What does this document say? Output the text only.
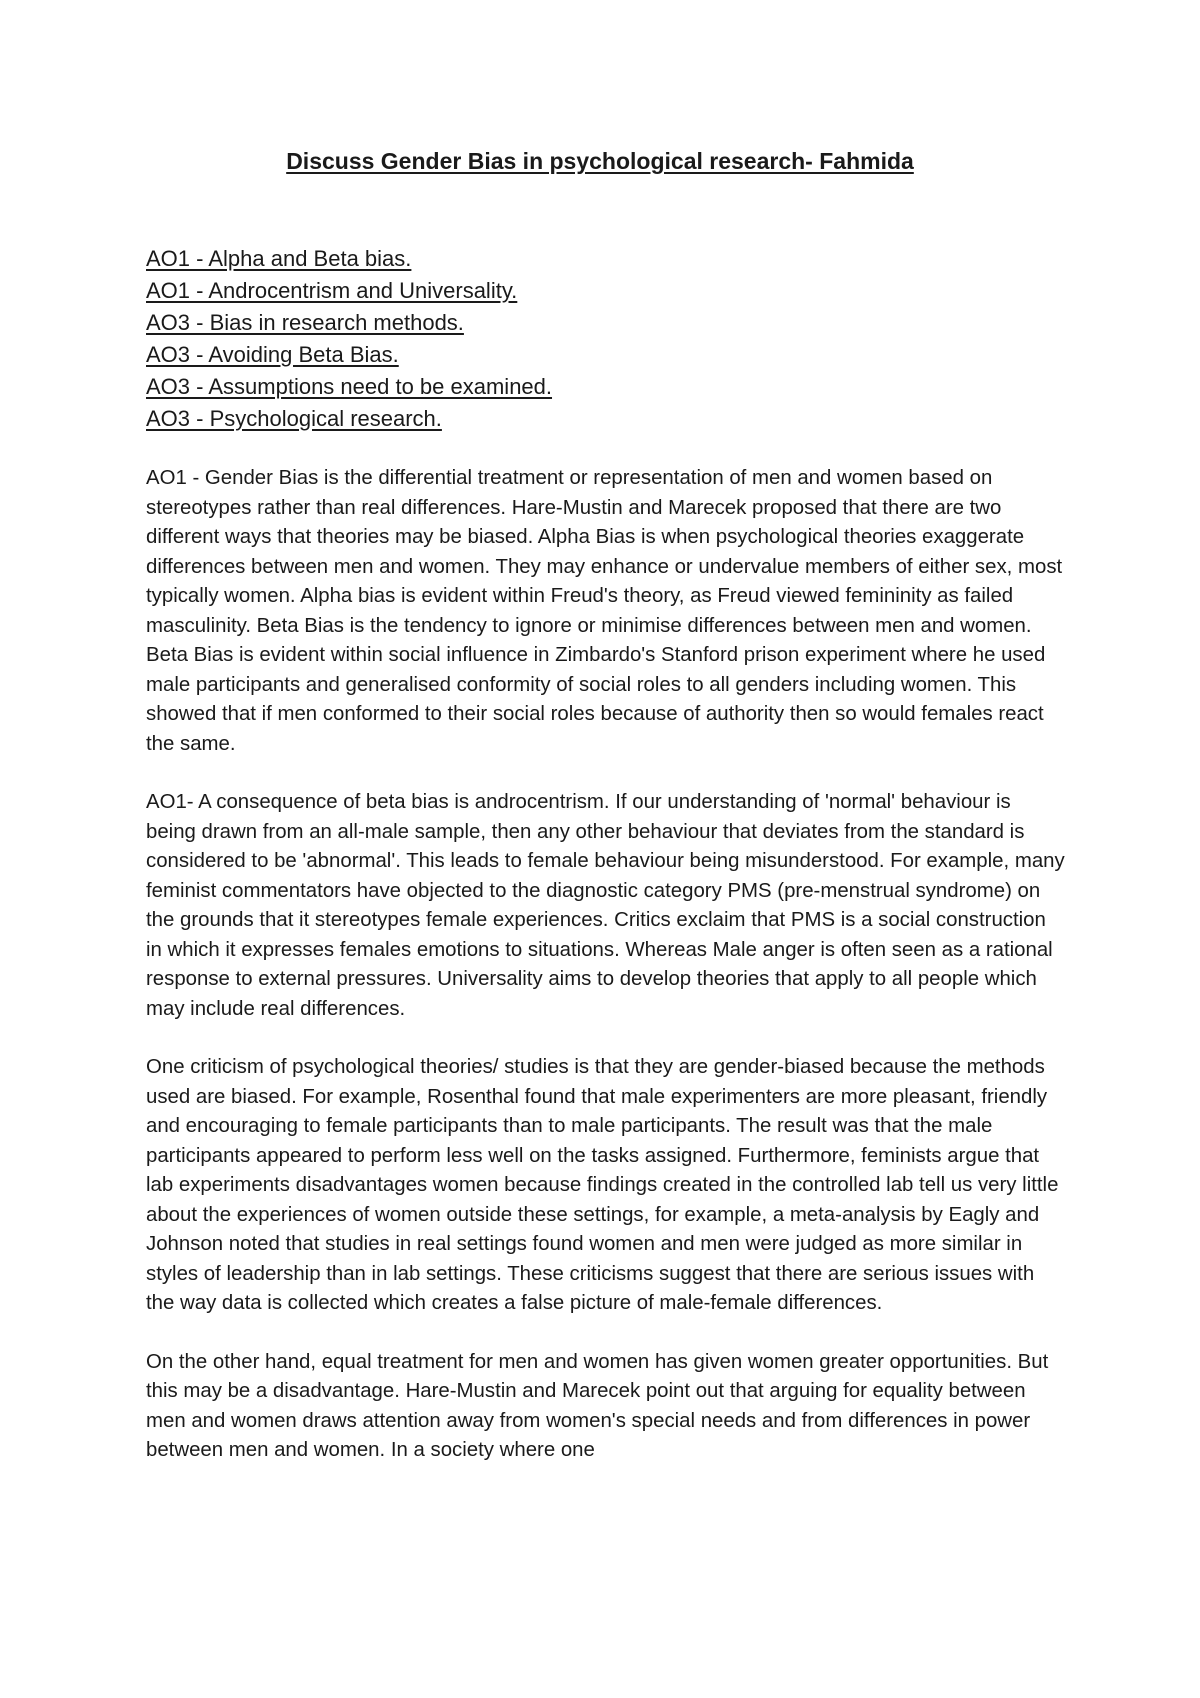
Discuss Gender Bias in psychological research- Fahmida
AO1 - Alpha and Beta bias.
AO1 - Androcentrism and Universality.
AO3 - Bias in research methods.
AO3 - Avoiding Beta Bias.
AO3 - Assumptions need to be examined.
AO3 - Psychological research.

AO1 - Gender Bias is the differential treatment or representation of men and women based on stereotypes rather than real differences. Hare-Mustin and Marecek proposed that there are two different ways that theories may be biased. Alpha Bias is when psychological theories exaggerate differences between men and women. They may enhance or undervalue members of either sex, most typically women. Alpha bias is evident within Freud's theory, as Freud viewed femininity as failed masculinity. Beta Bias is the tendency to ignore or minimise differences between men and women. Beta Bias is evident within social influence in Zimbardo's Stanford prison experiment where he used male participants and generalised conformity of social roles to all genders including women. This showed that if men conformed to their social roles because of authority then so would females react the same.

AO1- A consequence of beta bias is androcentrism. If our understanding of 'normal' behaviour is being drawn from an all-male sample, then any other behaviour that deviates from the standard is considered to be 'abnormal'. This leads to female behaviour being misunderstood. For example, many feminist commentators have objected to the diagnostic category PMS (pre-menstrual syndrome) on the grounds that it stereotypes female experiences. Critics exclaim that PMS is a social construction in which it expresses females emotions to situations. Whereas Male anger is often seen as a rational response to external pressures. Universality aims to develop theories that apply to all people which may include real differences.

One criticism of psychological theories/ studies is that they are gender-biased because the methods used are biased. For example, Rosenthal found that male experimenters are more pleasant, friendly and encouraging to female participants than to male participants. The result was that the male participants appeared to perform less well on the tasks assigned. Furthermore, feminists argue that lab experiments disadvantages women because findings created in the controlled lab tell us very little about the experiences of women outside these settings, for example, a meta-analysis by Eagly and Johnson noted that studies in real settings found women and men were judged as more similar in styles of leadership than in lab settings. These criticisms suggest that there are serious issues with the way data is collected which creates a false picture of male-female differences.

On the other hand, equal treatment for men and women has given women greater opportunities. But this may be a disadvantage. Hare-Mustin and Marecek point out that arguing for equality between men and women draws attention away from women's special needs and from differences in power between men and women. In a society where one
